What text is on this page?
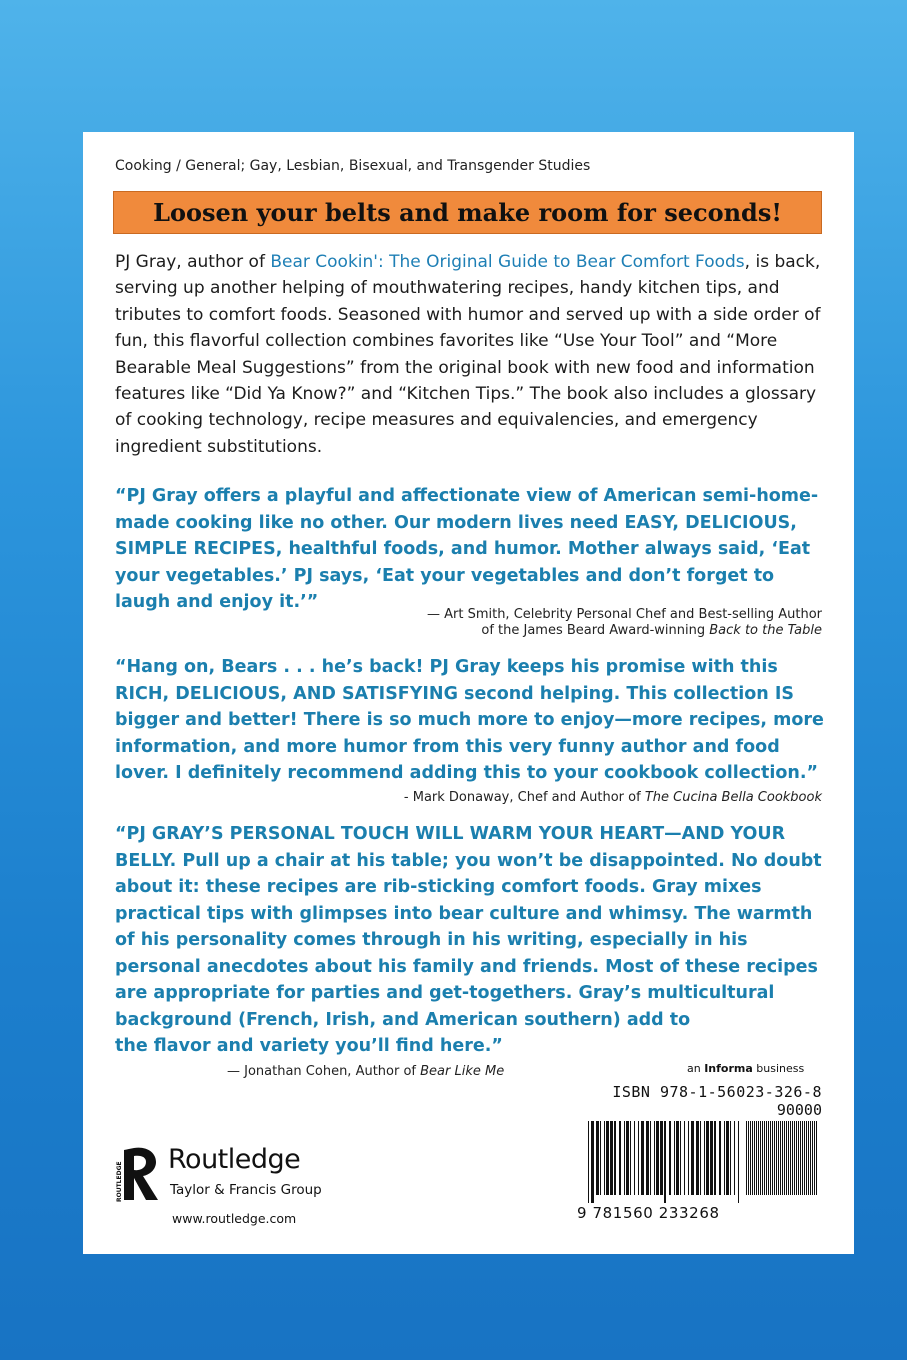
Cooking / General; Gay, Lesbian, Bisexual, and Transgender Studies
Loosen your belts and make room for seconds!

PJ Gray, author of Bear Cookin': The Original Guide to Bear Comfort Foods, is back, serving up another helping of mouthwatering recipes, handy kitchen tips, and tributes to comfort foods. Seasoned with humor and served up with a side order of fun, this flavorful collection combines favorites like “Use Your Tool” and “More Bearable Meal Suggestions” from the original book with new food and information features like “Did Ya Know?” and “Kitchen Tips.” The book also includes a glossary of cooking technology, recipe measures and equivalencies, and emergency ingredient substitutions.

“PJ Gray offers a playful and affectionate view of American semi-home-made cooking like no other. Our modern lives need EASY, DELICIOUS, SIMPLE RECIPES, healthful foods, and humor. Mother always said, ‘Eat your vegetables.’ PJ says, ‘Eat your vegetables and don’t forget to laugh and enjoy it.’”

— Art Smith, Celebrity Personal Chef and Best-selling Author
of the James Beard Award-winning Back to the Table

“Hang on, Bears . . . he’s back! PJ Gray keeps his promise with this RICH, DELICIOUS, AND SATISFYING second helping. This collection IS bigger and better! There is so much more to enjoy—more recipes, more information, and more humor from this very funny author and food lover. I definitely recommend adding this to your cookbook collection.”

- Mark Donaway, Chef and Author of The Cucina Bella Cookbook

“PJ GRAY’S PERSONAL TOUCH WILL WARM YOUR HEART—AND YOUR BELLY. Pull up a chair at his table; you won’t be disappointed. No doubt about it: these recipes are rib-sticking comfort foods. Gray mixes practical tips with glimpses into bear culture and whimsy. The warmth of his personality comes through in his writing, especially in his personal anecdotes about his family and friends. Most of these recipes are appropriate for parties and get-togethers. Gray’s multicultural background (French, Irish, and American southern) add to

the flavor and variety you’ll find here.”

— Jonathan Cohen, Author of Bear Like Me	an Informa business
ISBN 978-1-56023-326-8
90000
9 781560 233268
ROUTLEDGE
Routledge
Taylor & Francis Group
www.routledge.com
